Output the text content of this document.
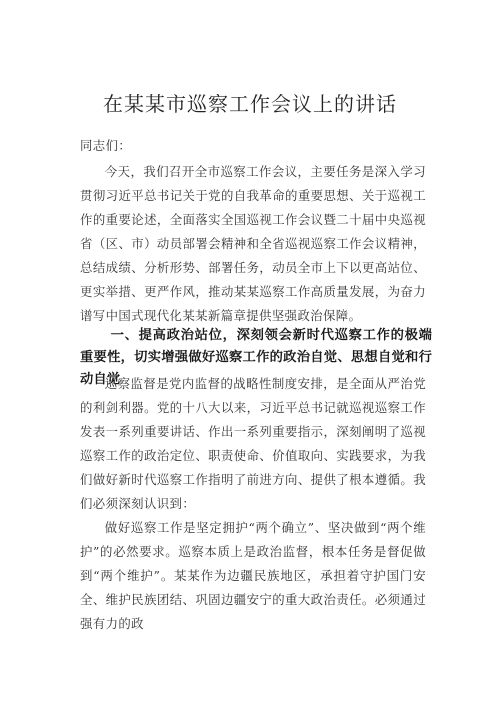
在某某市巡察工作会议上的讲话
同志们：
今天，我们召开全市巡察工作会议，主要任务是深入学习贯彻习近平总书记关于党的自我革命的重要思想、关于巡视工作的重要论述，全面落实全国巡视工作会议暨二十届中央巡视省（区、市）动员部署会精神和全省巡视巡察工作会议精神，总结成绩、分析形势、部署任务，动员全市上下以更高站位、更实举措、更严作风，推动某某巡察工作高质量发展，为奋力谱写中国式现代化某某新篇章提供坚强政治保障。
一、提高政治站位，深刻领会新时代巡察工作的极端重要性，切实增强做好巡察工作的政治自觉、思想自觉和行动自觉
巡察监督是党内监督的战略性制度安排，是全面从严治党的利剑利器。党的十八大以来，习近平总书记就巡视巡察工作发表一系列重要讲话、作出一系列重要指示，深刻阐明了巡视巡察工作的政治定位、职责使命、价值取向、实践要求，为我们做好新时代巡察工作指明了前进方向、提供了根本遵循。我们必须深刻认识到：
做好巡察工作是坚定拥护“两个确立”、坚决做到“两个维护”的必然要求。巡察本质上是政治监督，根本任务是督促做到“两个维护”。某某作为边疆民族地区，承担着守护国门安全、维护民族团结、巩固边疆安宁的重大政治责任。必须通过强有力的政
